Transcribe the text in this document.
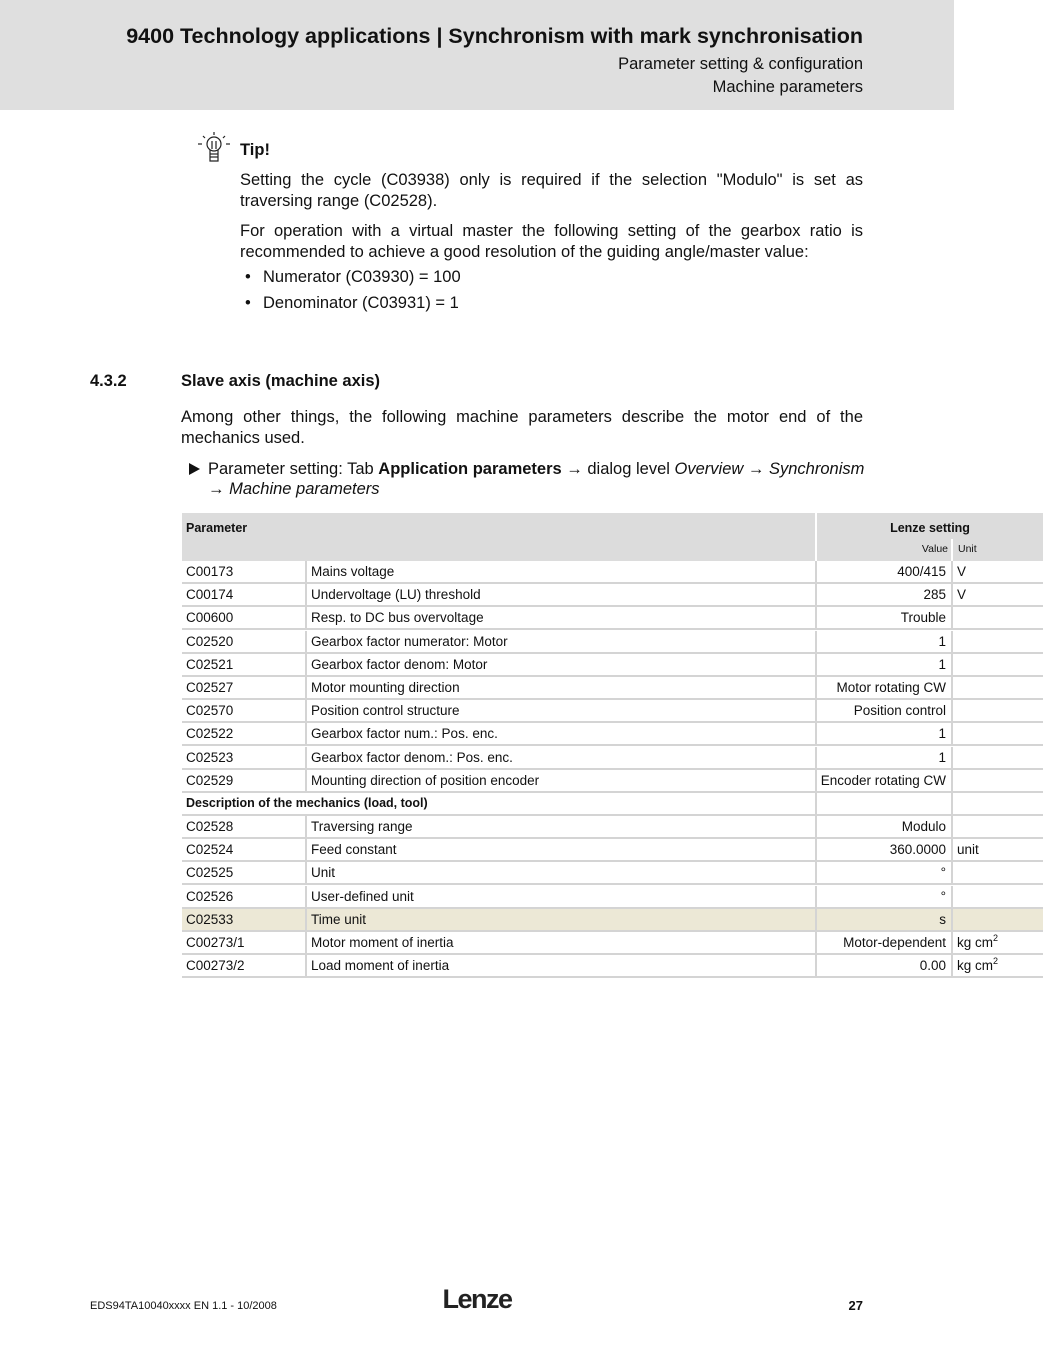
9400 Technology applications | Synchronism with mark synchronisation
Parameter setting & configuration
Machine parameters
Tip!
Setting the cycle (C03938) only is required if the selection "Modulo" is set as traversing range (C02528).
For operation with a virtual master the following setting of the gearbox ratio is recommended to achieve a good resolution of the guiding angle/master value:
• Numerator (C03930) = 100
• Denominator (C03931) = 1
4.3.2	Slave axis (machine axis)
Among other things, the following machine parameters describe the motor end of the mechanics used.
Parameter setting: Tab Application parameters → dialog level Overview → Synchronism
→ Machine parameters
Parameter	Lenze setting
Value Unit
C00173	Mains voltage	400/415 V
C00174	Undervoltage (LU) threshold	285 V
C00600	Resp. to DC bus overvoltage	Trouble
C02520	Gearbox factor numerator: Motor	1
C02521	Gearbox factor denom: Motor	1
C02527	Motor mounting direction	Motor rotating CW
C02570	Position control structure	Position control
C02522	Gearbox factor num.: Pos. enc.	1
C02523	Gearbox factor denom.: Pos. enc.	1
C02529	Mounting direction of position encoder	Encoder rotating CW
Description of the mechanics (load, tool)
C02528	Traversing range	Modulo
C02524	Feed constant	360.0000 unit
C02525	Unit	°
C02526	User-defined unit	°
C02533	Time unit	s
C00273/1	Motor moment of inertia	Motor-dependent kg $cm^2$
C00273/2	Load moment of inertia	0.00 kg $cm^2$
EDS94TA10040xxxx EN 1.1 - 10/2008	Lenze	27
